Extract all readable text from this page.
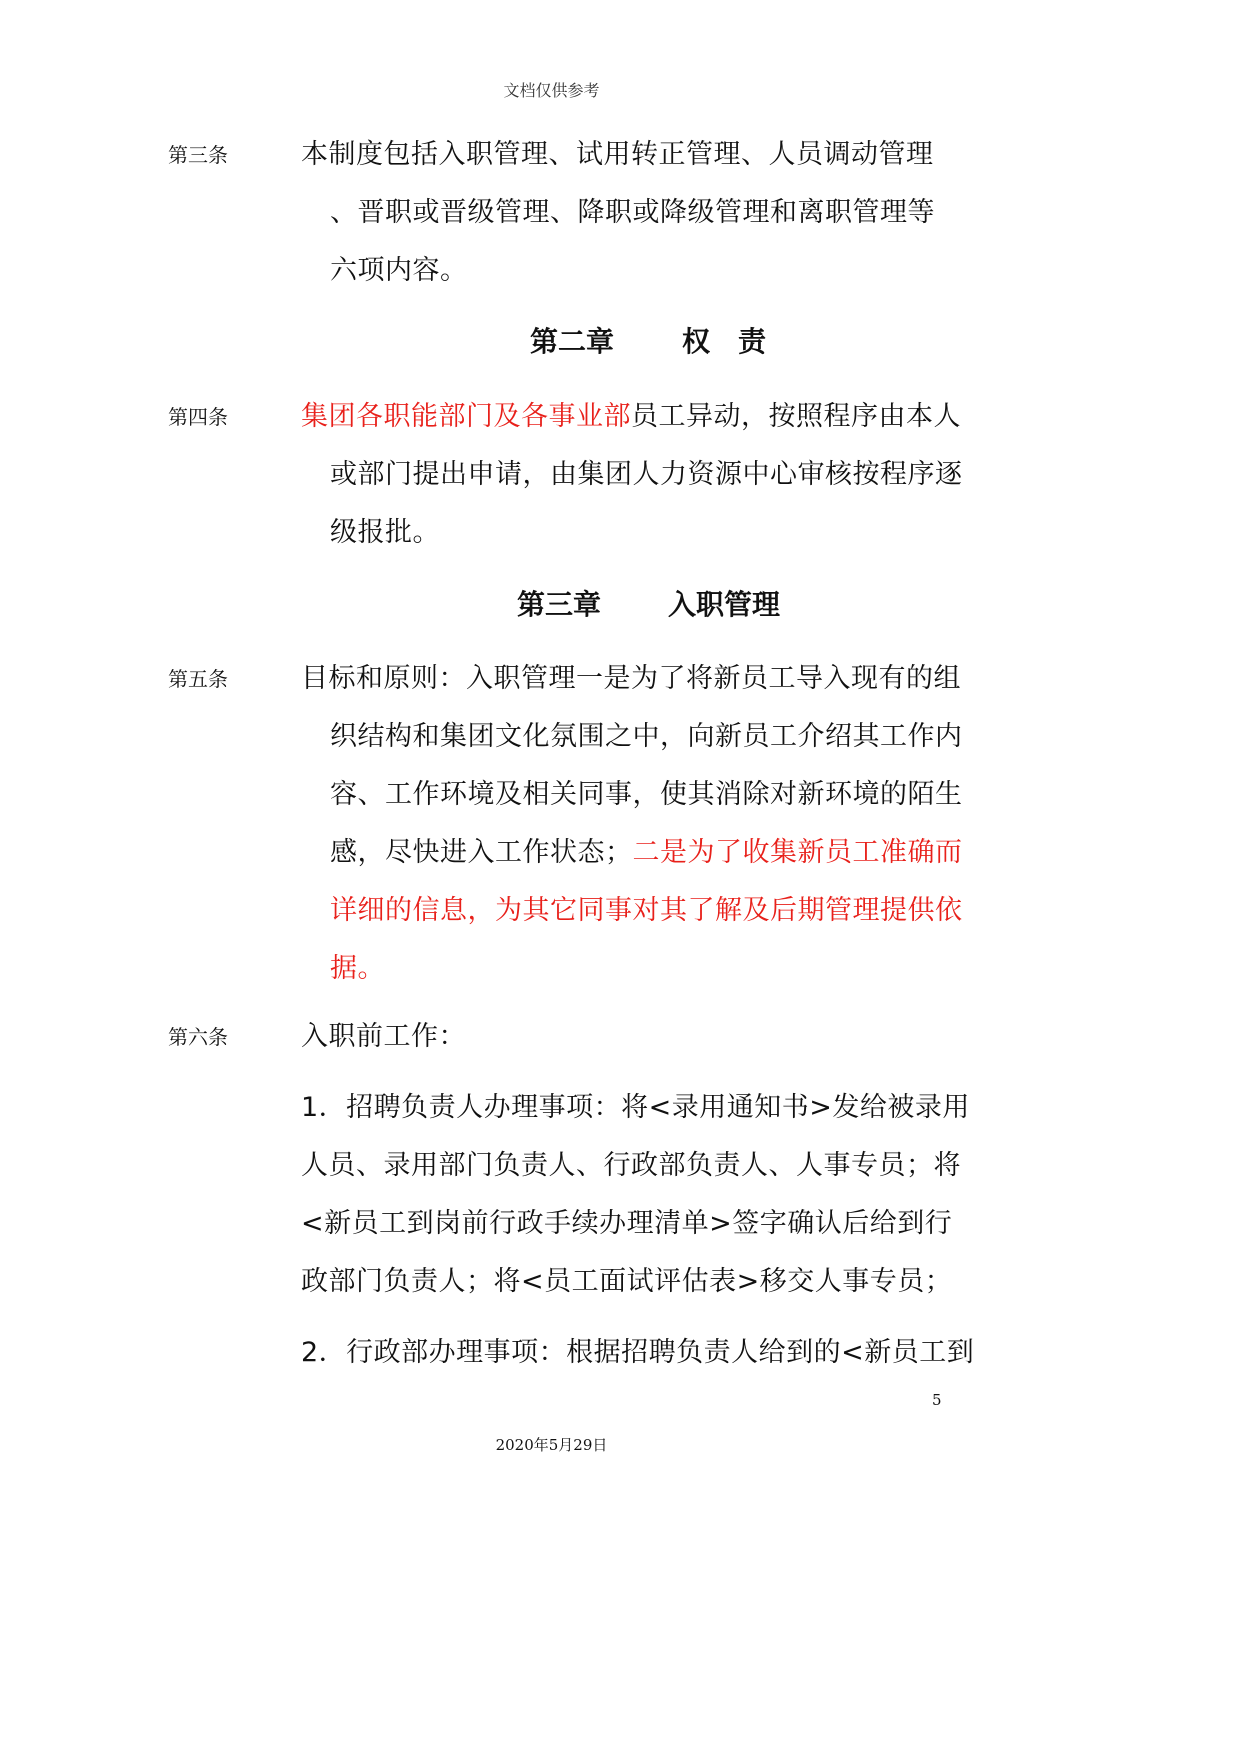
文档仅供参考
第三条	本制度包括入职管理、试用转正管理、人员调动管理
、晋职或晋级管理、降职或降级管理和离职管理等
六项内容。
第二章 权　责
第四条	集团各职能部门及各事业部员工异动，按照程序由本人
或部门提出申请，由集团人力资源中心审核按程序逐
级报批。
第三章 入职管理
第五条	目标和原则：入职管理一是为了将新员工导入现有的组
织结构和集团文化氛围之中，向新员工介绍其工作内
容、工作环境及相关同事，使其消除对新环境的陌生
感，尽快进入工作状态；二是为了收集新员工准确而
详细的信息，为其它同事对其了解及后期管理提供依
据。
第六条	入职前工作：
1．招聘负责人办理事项：将<录用通知书>发给被录用
人员、录用部门负责人、行政部负责人、人事专员；将
<新员工到岗前行政手续办理清单>签字确认后给到行
政部门负责人；将<员工面试评估表>移交人事专员；
2．行政部办理事项：根据招聘负责人给到的<新员工到
5
2020年5月29日
